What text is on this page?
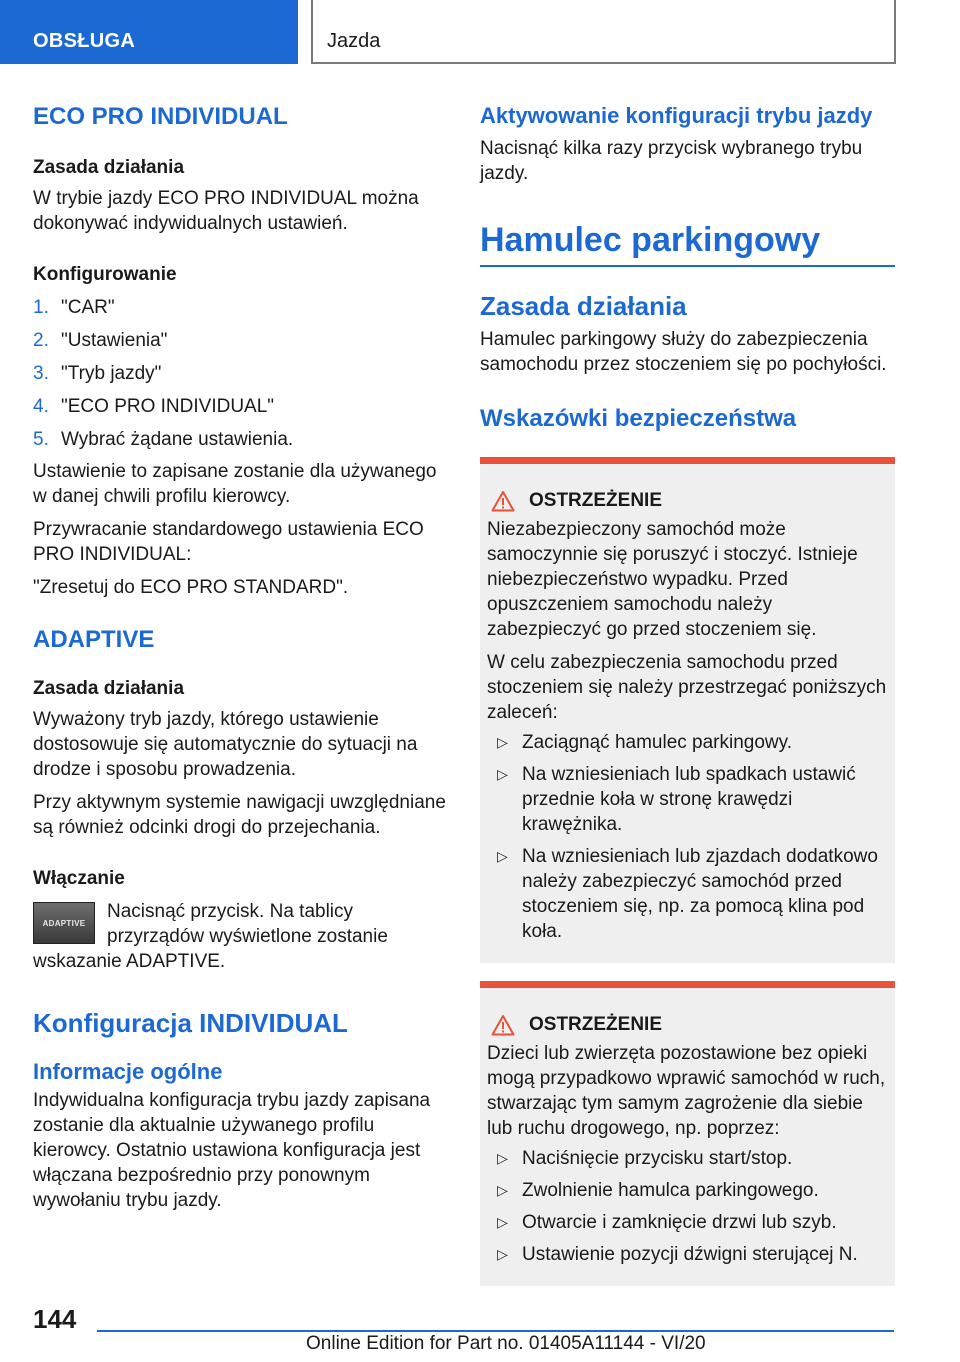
OBSŁUGA	Jazda
ECO PRO INDIVIDUAL
Zasada działania

W trybie jazdy ECO PRO INDIVIDUAL można dokonywać indywidualnych ustawień.

Konfigurowanie
1. "CAR"
2. "Ustawienia"
3. "Tryb jazdy"
4. "ECO PRO INDIVIDUAL"
5. Wybrać żądane ustawienia.

Ustawienie to zapisane zostanie dla używanego w danej chwili profilu kierowcy.

Przywracanie standardowego ustawienia ECO PRO INDIVIDUAL:

"Zresetuj do ECO PRO STANDARD".

ADAPTIVE
Zasada działania

Wyważony tryb jazdy, którego ustawienie dostosowuje się automatycznie do sytuacji na drodze i sposobu prowadzenia.

Przy aktywnym systemie nawigacji uwzględniane są również odcinki drogi do przejechania.

Włączanie
ADAPTIVE

Nacisnąć przycisk. Na tablicy przyrządów wyświetlone zostanie wskazanie ADAPTIVE.

Konfiguracja INDIVIDUAL
Informacje ogólne

Indywidualna konfiguracja trybu jazdy zapisana zostanie dla aktualnie używanego profilu kierowcy. Ostatnio ustawiona konfiguracja jest włączana bezpośrednio przy ponownym wywołaniu trybu jazdy.

Aktywowanie konfiguracji trybu jazdy

Nacisnąć kilka razy przycisk wybranego trybu jazdy.

Hamulec parkingowy
Zasada działania

Hamulec parkingowy służy do zabezpieczenia samochodu przez stoczeniem się po pochyłości.

Wskazówki bezpieczeństwa
OSTRZEŻENIE

Niezabezpieczony samochód może samoczynnie się poruszyć i stoczyć. Istnieje niebezpieczeństwo wypadku. Przed opuszczeniem samochodu należy zabezpieczyć go przed stoczeniem się.

W celu zabezpieczenia samochodu przed stoczeniem się należy przestrzegać poniższych zaleceń:

▷ Zaciągnąć hamulec parkingowy.
▷ Na wzniesieniach lub spadkach ustawić przednie koła w stronę krawędzi krawężnika.
▷ Na wzniesieniach lub zjazdach dodatkowo należy zabezpieczyć samochód przed stoczeniem się, np. za pomocą klina pod koła.
OSTRZEŻENIE

Dzieci lub zwierzęta pozostawione bez opieki mogą przypadkowo wprawić samochód w ruch, stwarzając tym samym zagrożenie dla siebie lub ruchu drogowego, np. poprzez:

▷ Naciśnięcie przycisku start/stop.
▷ Zwolnienie hamulca parkingowego.
▷ Otwarcie i zamknięcie drzwi lub szyb.
▷ Ustawienie pozycji dźwigni sterującej N.
144
Online Edition for Part no. 01405A11144 - VI/20
